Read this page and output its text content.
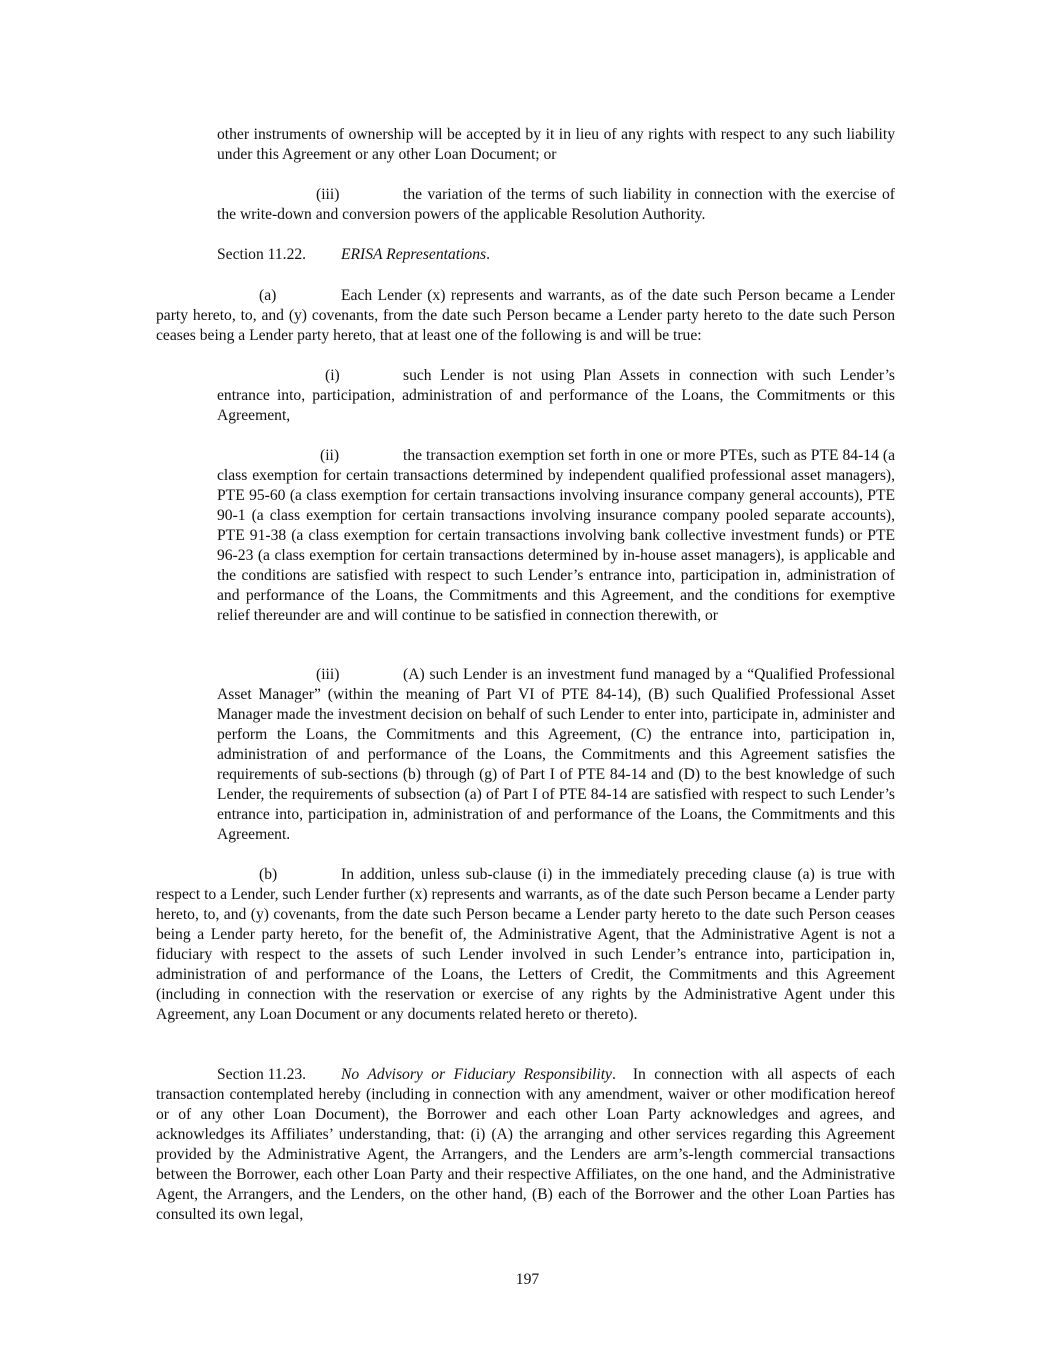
other instruments of ownership will be accepted by it in lieu of any rights with respect to any such liability under this Agreement or any other Loan Document; or

(iii)	the variation of the terms of such liability in connection with the exercise of the write-down and conversion powers of the applicable Resolution Authority.

Section 11.22. ERISA Representations.

(a)	Each Lender (x) represents and warrants, as of the date such Person became a Lender party hereto, to, and (y) covenants, from the date such Person became a Lender party hereto to the date such Person ceases being a Lender party hereto, that at least one of the following is and will be true:

(i)	such Lender is not using Plan Assets in connection with such Lender’s entrance into, participation, administration of and performance of the Loans, the Commitments or this Agreement,

(ii)	the transaction exemption set forth in one or more PTEs, such as PTE 84-14 (a class exemption for certain transactions determined by independent qualified professional asset managers), PTE 95-60 (a class exemption for certain transactions involving insurance company general accounts), PTE 90-1 (a class exemption for certain transactions involving insurance company pooled separate accounts), PTE 91-38 (a class exemption for certain transactions involving bank collective investment funds) or PTE 96-23 (a class exemption for certain transactions determined by in-house asset managers), is applicable and the conditions are satisfied with respect to such Lender’s entrance into, participation in, administration of and performance of the Loans, the Commitments and this Agreement, and the conditions for exemptive relief thereunder are and will continue to be satisfied in connection therewith, or

(iii)	(A) such Lender is an investment fund managed by a “Qualified Professional Asset Manager” (within the meaning of Part VI of PTE 84-14), (B) such Qualified Professional Asset Manager made the investment decision on behalf of such Lender to enter into, participate in, administer and perform the Loans, the Commitments and this Agreement, (C) the entrance into, participation in, administration of and performance of the Loans, the Commitments and this Agreement satisfies the requirements of sub-sections (b) through (g) of Part I of PTE 84-14 and (D) to the best knowledge of such Lender, the requirements of subsection (a) of Part I of PTE 84-14 are satisfied with respect to such Lender’s entrance into, participation in, administration of and performance of the Loans, the Commitments and this Agreement.

(b)	In addition, unless sub-clause (i) in the immediately preceding clause (a) is true with respect to a Lender, such Lender further (x) represents and warrants, as of the date such Person became a Lender party hereto, to, and (y) covenants, from the date such Person became a Lender party hereto to the date such Person ceases being a Lender party hereto, for the benefit of, the Administrative Agent, that the Administrative Agent is not a fiduciary with respect to the assets of such Lender involved in such Lender’s entrance into, participation in, administration of and performance of the Loans, the Letters of Credit, the Commitments and this Agreement (including in connection with the reservation or exercise of any rights by the Administrative Agent under this Agreement, any Loan Document or any documents related hereto or thereto).

Section 11.23. No Advisory or Fiduciary Responsibility.  In connection with all aspects of each transaction contemplated hereby (including in connection with any amendment, waiver or other modification hereof or of any other Loan Document), the Borrower and each other Loan Party acknowledges and agrees, and acknowledges its Affiliates’ understanding, that: (i) (A) the arranging and other services regarding this Agreement provided by the Administrative Agent, the Arrangers, and the Lenders are arm’s-length commercial transactions between the Borrower, each other Loan Party and their respective Affiliates, on the one hand, and the Administrative Agent, the Arrangers, and the Lenders, on the other hand, (B) each of the Borrower and the other Loan Parties has consulted its own legal,

197
